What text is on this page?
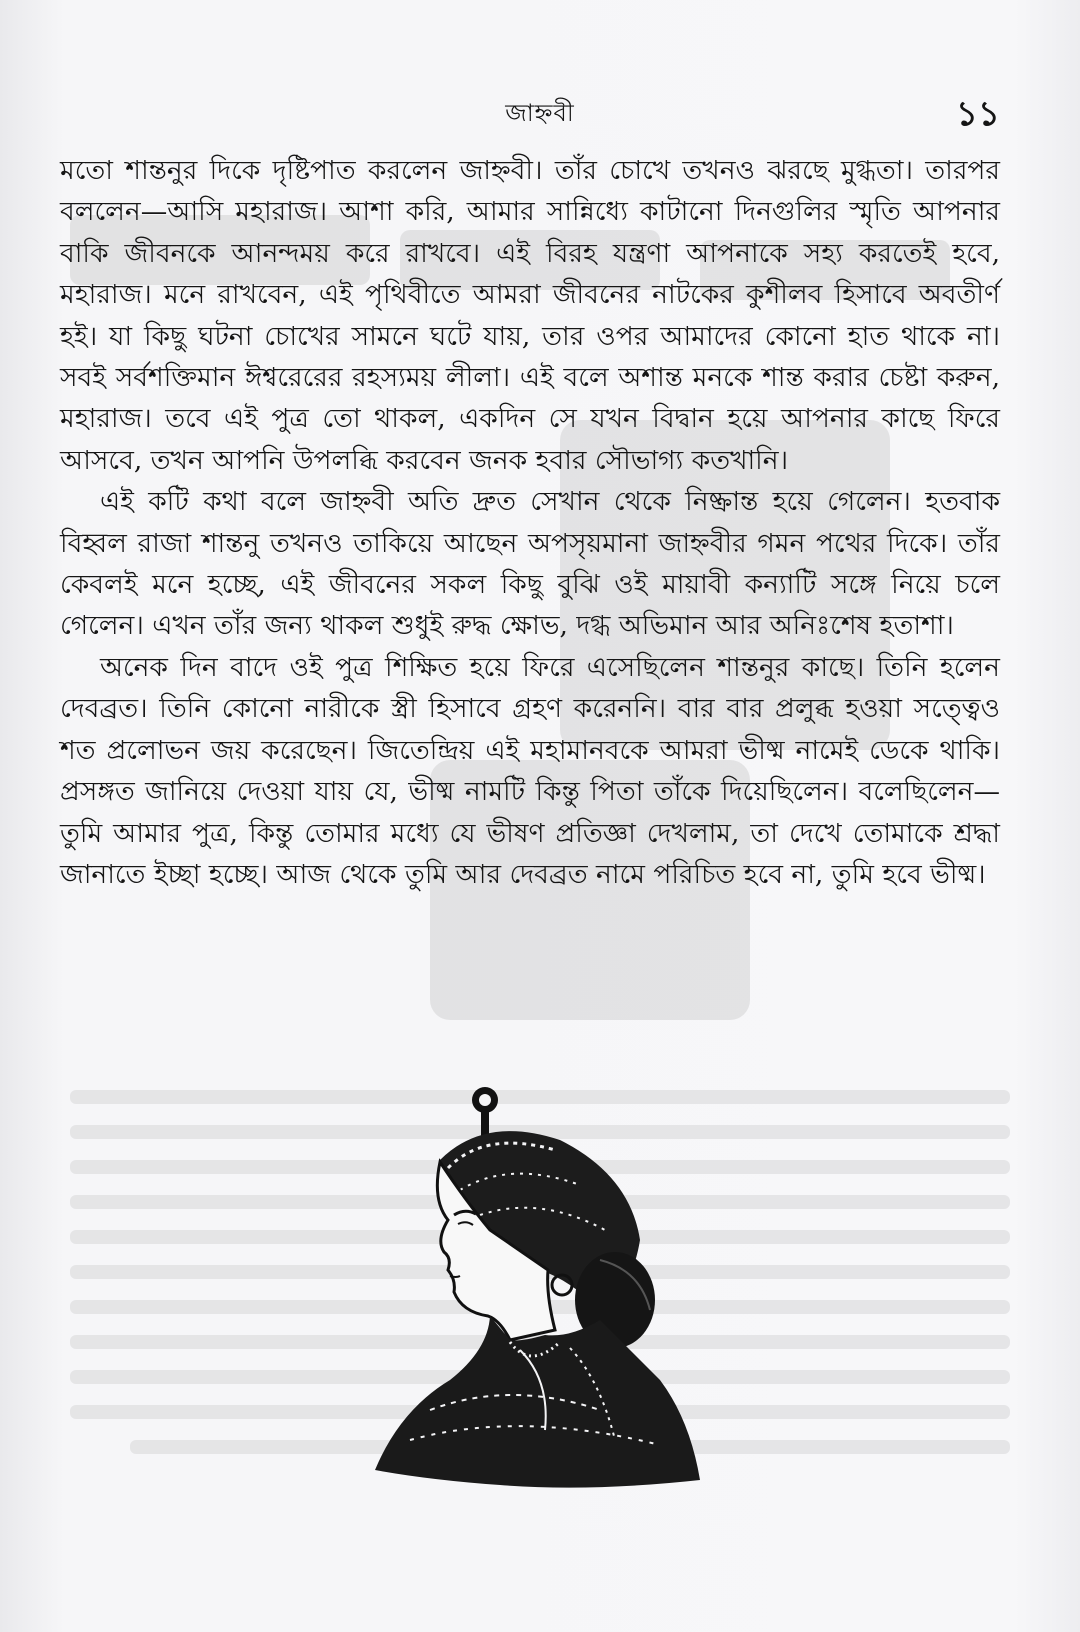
জাহ্নবী	১১

মতো শান্তনুর দিকে দৃষ্টিপাত করলেন জাহ্নবী। তাঁর চোখে তখনও ঝরছে মুগ্ধতা। তারপর বললেন—আসি মহারাজ। আশা করি, আমার সান্নিধ্যে কাটানো দিনগুলির স্মৃতি আপনার বাকি জীবনকে আনন্দময় করে রাখবে। এই বিরহ যন্ত্রণা আপনাকে সহ্য করতেই হবে, মহারাজ। মনে রাখবেন, এই পৃথিবীতে আমরা জীবনের নাটকের কুশীলব হিসাবে অবতীর্ণ হই। যা কিছু ঘটনা চোখের সামনে ঘটে যায়, তার ওপর আমাদের কোনো হাত থাকে না। সবই সর্বশক্তিমান ঈশ্বরেরের রহস্যময় লীলা। এই বলে অশান্ত মনকে শান্ত করার চেষ্টা করুন, মহারাজ। তবে এই পুত্র তো থাকল, একদিন সে যখন বিদ্বান হয়ে আপনার কাছে ফিরে আসবে, তখন আপনি উপলব্ধি করবেন জনক হবার সৌভাগ্য কতখানি।

এই কটি কথা বলে জাহ্নবী অতি দ্রুত সেখান থেকে নিষ্ক্রান্ত হয়ে গেলেন। হতবাক বিহ্বল রাজা শান্তনু তখনও তাকিয়ে আছেন অপসৃয়মানা জাহ্নবীর গমন পথের দিকে। তাঁর কেবলই মনে হচ্ছে, এই জীবনের সকল কিছু বুঝি ওই মায়াবী কন্যাটি সঙ্গে নিয়ে চলে গেলেন। এখন তাঁর জন্য থাকল শুধুই রুদ্ধ ক্ষোভ, দগ্ধ অভিমান আর অনিঃশেষ হতাশা।

অনেক দিন বাদে ওই পুত্র শিক্ষিত হয়ে ফিরে এসেছিলেন শান্তনুর কাছে। তিনি হলেন দেবব্রত। তিনি কোনো নারীকে স্ত্রী হিসাবে গ্রহণ করেননি। বার বার প্রলুব্ধ হওয়া সত্ত্বেও শত প্রলোভন জয় করেছেন। জিতেন্দ্রিয় এই মহামানবকে আমরা ভীষ্ম নামেই ডেকে থাকি। প্রসঙ্গত জানিয়ে দেওয়া যায় যে, ভীষ্ম নামটি কিন্তু পিতা তাঁকে দিয়েছিলেন। বলেছিলেন—তুমি আমার পুত্র, কিন্তু তোমার মধ্যে যে ভীষণ প্রতিজ্ঞা দেখলাম, তা দেখে তোমাকে শ্রদ্ধা জানাতে ইচ্ছা হচ্ছে। আজ থেকে তুমি আর দেবব্রত নামে পরিচিত হবে না, তুমি হবে ভীষ্ম।
